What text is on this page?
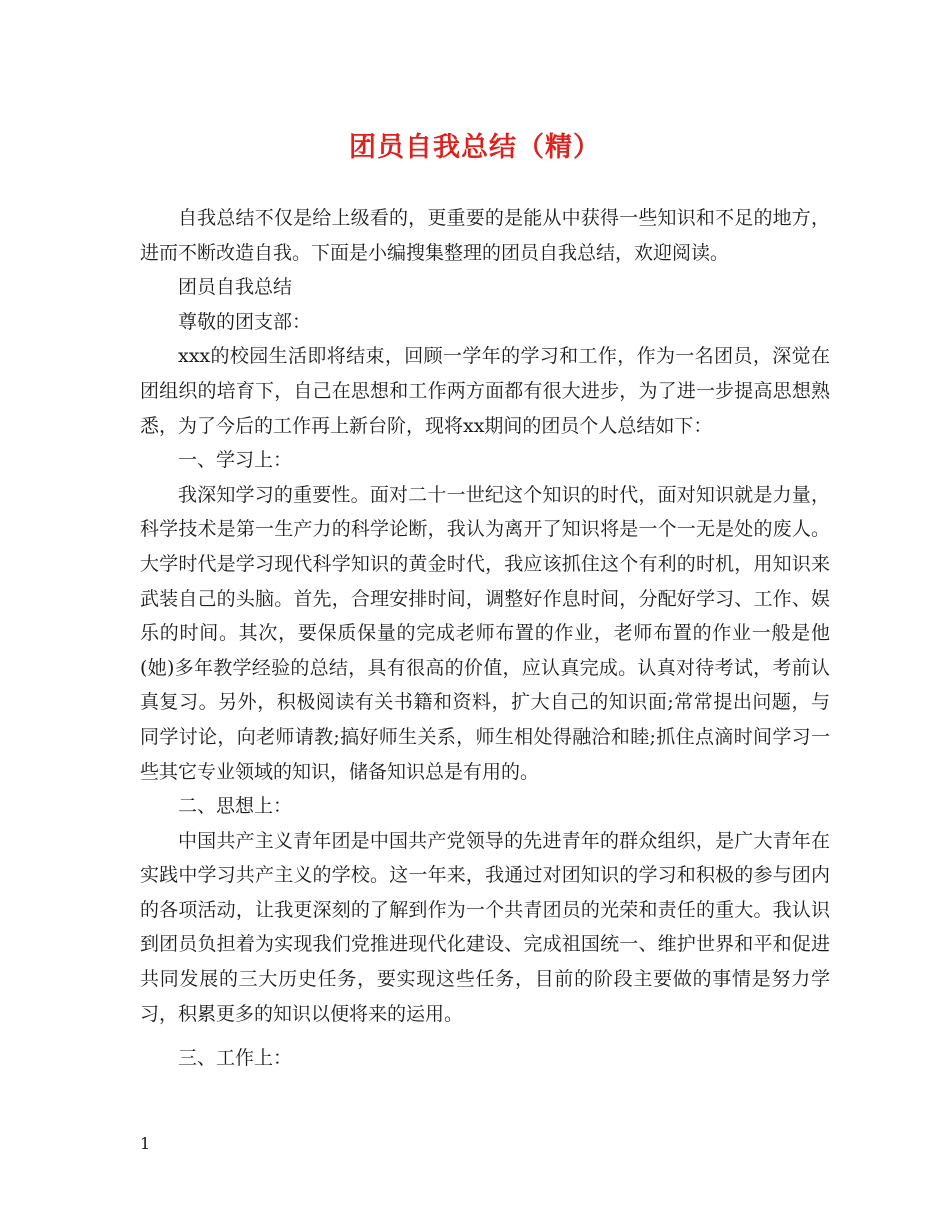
团员自我总结（精）

自我总结不仅是给上级看的，更重要的是能从中获得一些知识和不足的地方，进而不断改造自我。下面是小编搜集整理的团员自我总结，欢迎阅读。

团员自我总结

尊敬的团支部：

xxx的校园生活即将结束，回顾一学年的学习和工作，作为一名团员，深觉在团组织的培育下，自己在思想和工作两方面都有很大进步，为了进一步提高思想熟悉，为了今后的工作再上新台阶，现将xx期间的团员个人总结如下：

一、学习上：

我深知学习的重要性。面对二十一世纪这个知识的时代，面对知识就是力量，科学技术是第一生产力的科学论断，我认为离开了知识将是一个一无是处的废人。大学时代是学习现代科学知识的黄金时代，我应该抓住这个有利的时机，用知识来武装自己的头脑。首先，合理安排时间，调整好作息时间，分配好学习、工作、娱乐的时间。其次，要保质保量的完成老师布置的作业，老师布置的作业一般是他(她)多年教学经验的总结，具有很高的价值，应认真完成。认真对待考试，考前认真复习。另外，积极阅读有关书籍和资料，扩大自己的知识面;常常提出问题，与同学讨论，向老师请教;搞好师生关系，师生相处得融洽和睦;抓住点滴时间学习一些其它专业领域的知识，储备知识总是有用的。

二、思想上：

中国共产主义青年团是中国共产党领导的先进青年的群众组织，是广大青年在实践中学习共产主义的学校。这一年来，我通过对团知识的学习和积极的参与团内的各项活动，让我更深刻的了解到作为一个共青团员的光荣和责任的重大。我认识到团员负担着为实现我们党推进现代化建设、完成祖国统一、维护世界和平和促进共同发展的三大历史任务，要实现这些任务，目前的阶段主要做的事情是努力学习，积累更多的知识以便将来的运用。

三、工作上：

1
